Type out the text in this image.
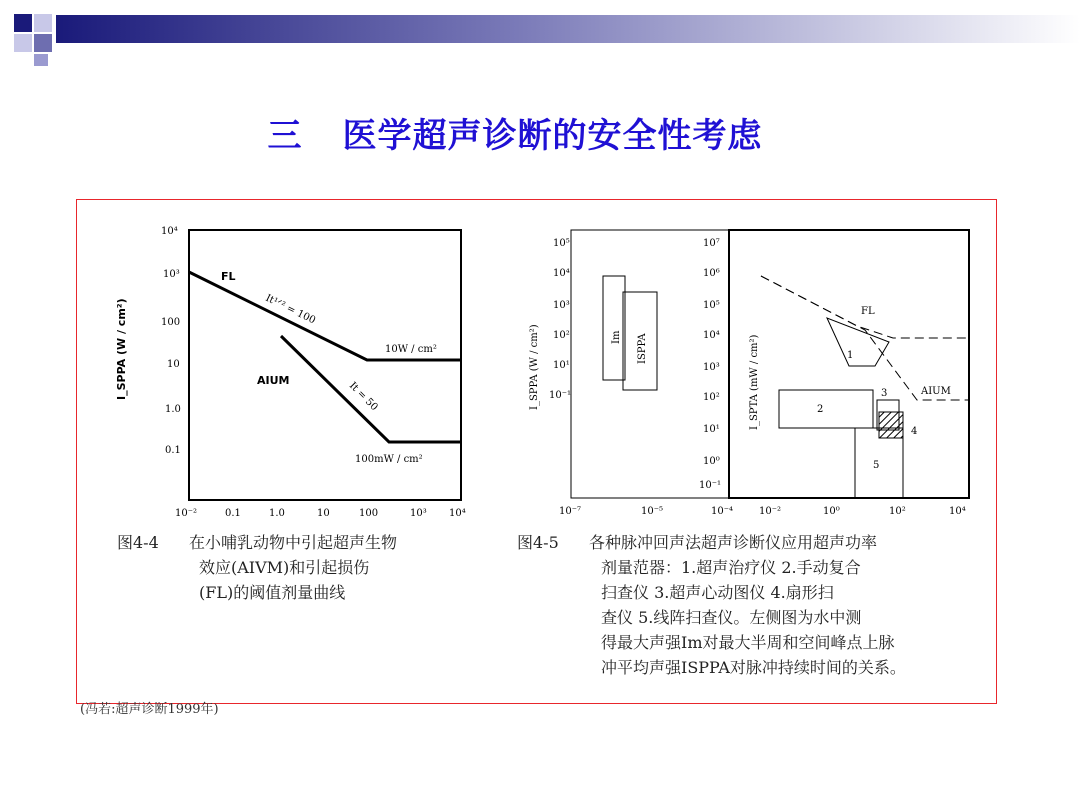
三 医学超声诊断的安全性考虑
10⁴
10³
100
10
1.0
0.1
10⁻²	0.1	1.0	10	100	10³ 10⁴
I_SPPA (W / cm²)
FL
It¹ᐟ² = 100
AIUM	It = 50
10W / cm²
100mW / cm²
10⁵
10⁴
10³
10²
10¹
10⁻¹
I_SPPA (W / cm²)	Im ISPPA
10⁻⁷	10⁻⁵	10⁻⁴
10⁷
10⁶
10⁵
10⁴
10³
10²
10¹
10⁰
10⁻¹
I_SPTA (mW / cm²)
10⁻²	10⁰	10²	10⁴
FL
AIUM
1
2
3
4
5
图4-4 在小哺乳动物中引起超声生物
效应(AIVM)和引起损伤
(FL)的阈值剂量曲线
图4-5 各种脉冲回声法超声诊断仪应用超声功率
剂量范器：1.超声治疗仪 2.手动复合
扫查仪 3.超声心动图仪 4.扇形扫
查仪 5.线阵扫查仪。左侧图为水中测
得最大声强Im对最大半周和空间峰点上脉
冲平均声强ISPPA对脉冲持续时间的关系。
(冯若:超声诊断1999年)
